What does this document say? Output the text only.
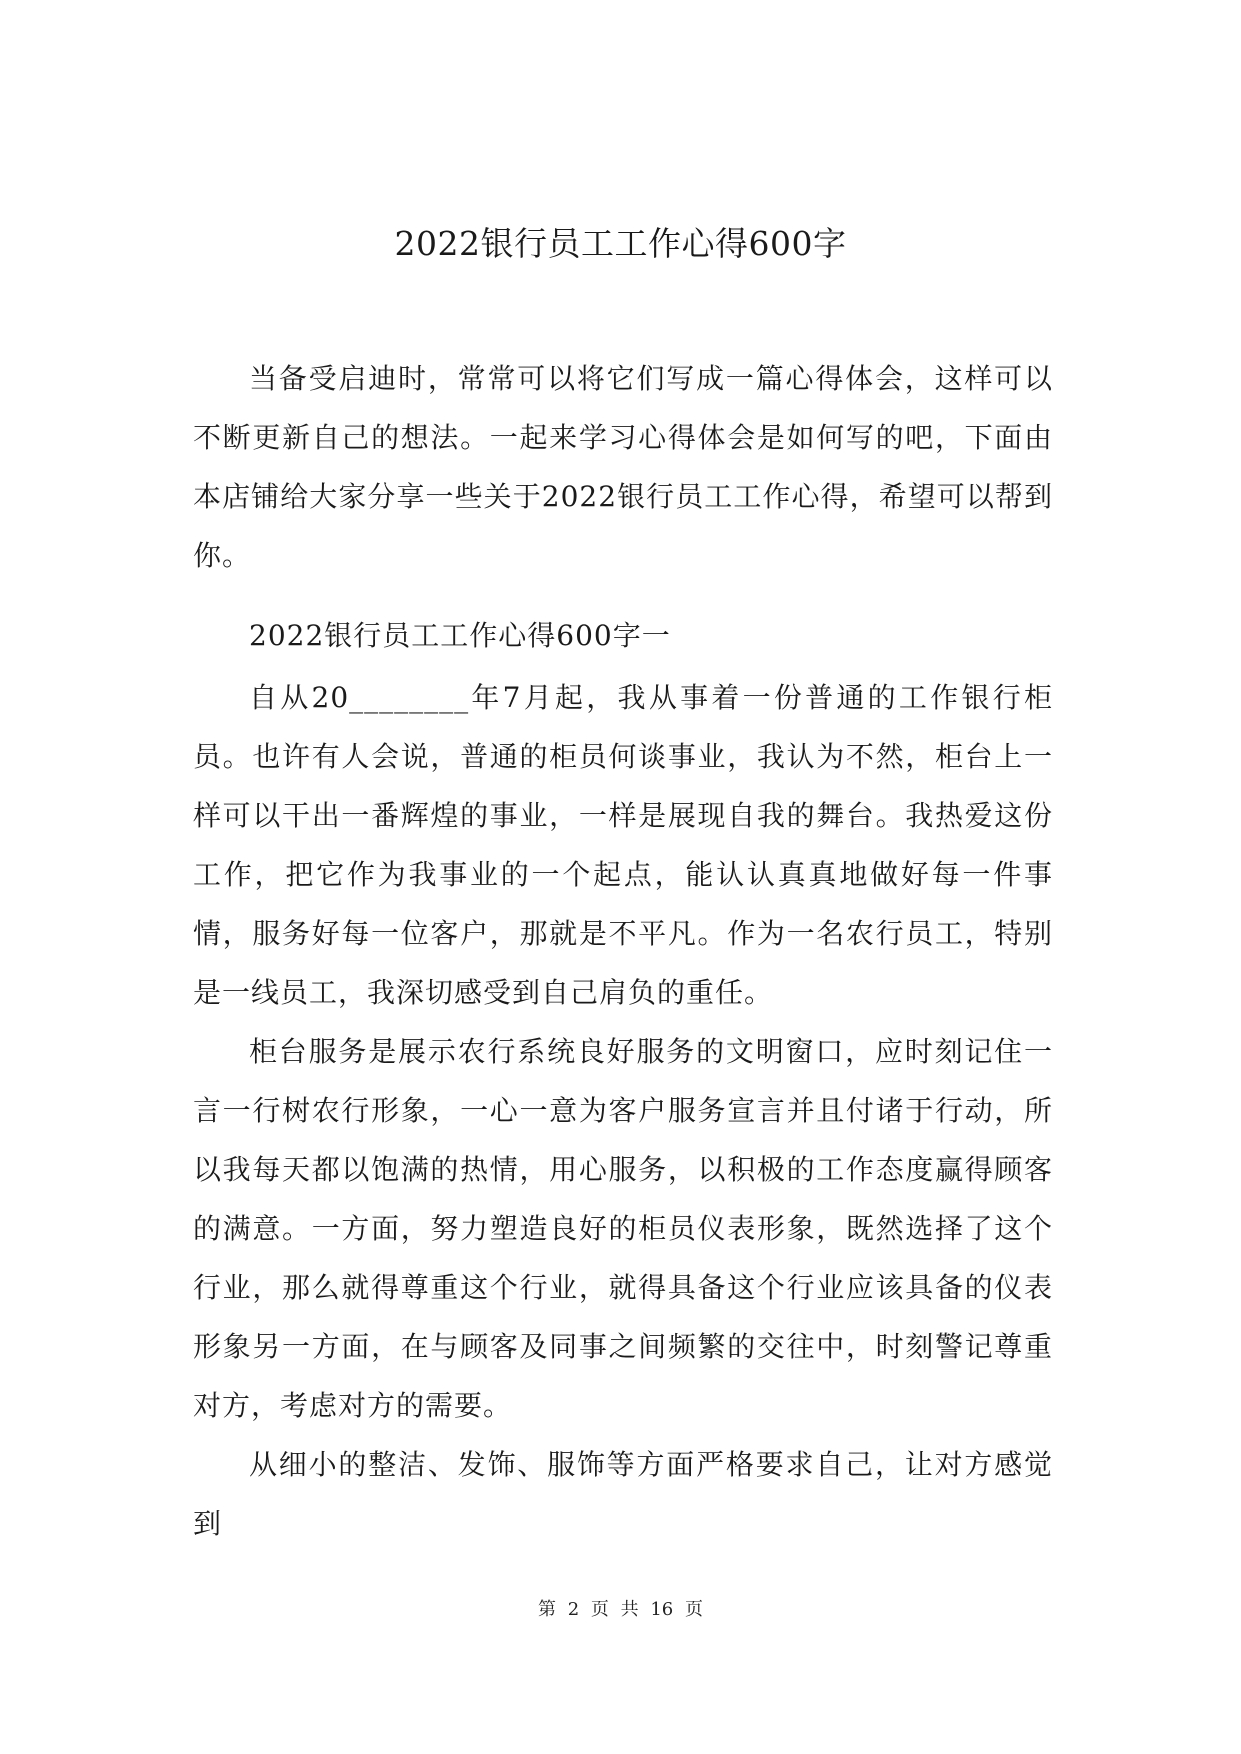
2022银行员工工作心得600字

当备受启迪时，常常可以将它们写成一篇心得体会，这样可以不断更新自己的想法。一起来学习心得体会是如何写的吧，下面由本店铺给大家分享一些关于2022银行员工工作心得，希望可以帮到你。

2022银行员工工作心得600字一

自从20________年7月起，我从事着一份普通的工作银行柜员。也许有人会说，普通的柜员何谈事业，我认为不然，柜台上一样可以干出一番辉煌的事业，一样是展现自我的舞台。我热爱这份工作，把它作为我事业的一个起点，能认认真真地做好每一件事情，服务好每一位客户，那就是不平凡。作为一名农行员工，特别是一线员工，我深切感受到自己肩负的重任。

柜台服务是展示农行系统良好服务的文明窗口，应时刻记住一言一行树农行形象，一心一意为客户服务宣言并且付诸于行动，所以我每天都以饱满的热情，用心服务，以积极的工作态度赢得顾客的满意。一方面，努力塑造良好的柜员仪表形象，既然选择了这个行业，那么就得尊重这个行业，就得具备这个行业应该具备的仪表形象另一方面，在与顾客及同事之间频繁的交往中，时刻警记尊重对方，考虑对方的需要。

从细小的整洁、发饰、服饰等方面严格要求自己，让对方感觉到

第 2 页 共 16 页
